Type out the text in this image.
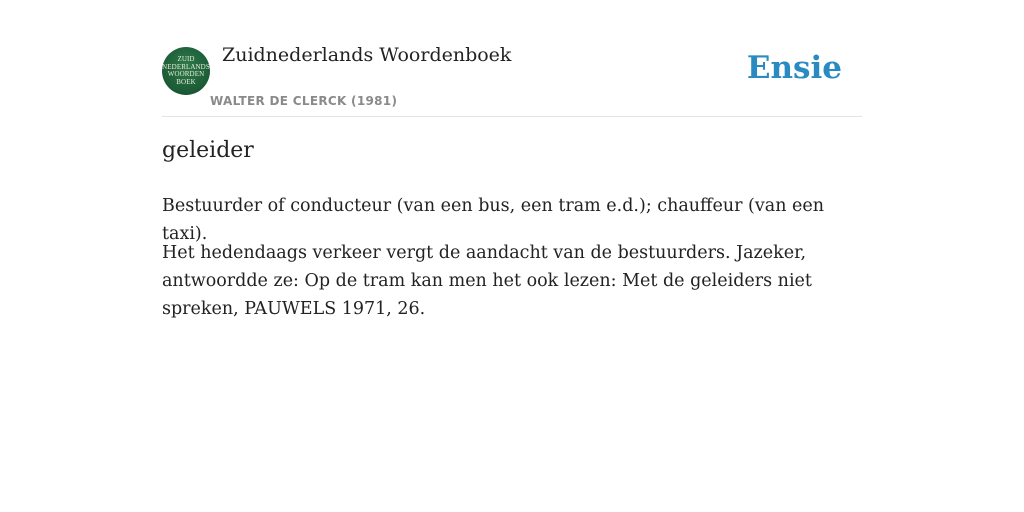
ZUID
NEDERLANDS
WOORDEN
BOEK
Zuidnederlands Woordenboek
WALTER DE CLERCK (1981)
Ensie
geleider

Bestuurder of conducteur (van een bus, een tram e.d.); chauffeur (van een taxi).

Het hedendaags verkeer vergt de aandacht van de bestuurders. Jazeker, antwoordde ze: Op de tram kan men het ook lezen: Met de geleiders niet spreken, PAUWELS 1971, 26.
